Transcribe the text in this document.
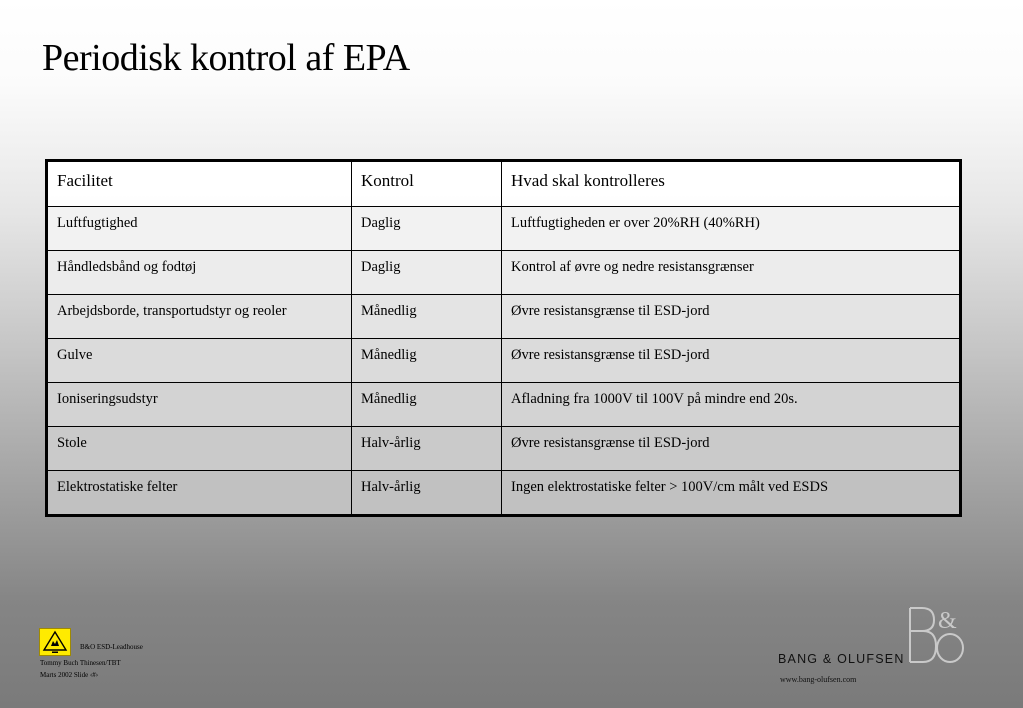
Periodisk kontrol af EPA
Facilitet	Kontrol	Hvad skal kontrolleres
Luftfugtighed	Daglig	Luftfugtigheden er over 20%RH (40%RH)
Håndledsbånd og fodtøj	Daglig	Kontrol af øvre og nedre resistansgrænser
Arbejdsborde, transportudstyr og reoler	Månedlig	Øvre resistansgrænse til ESD-jord
Gulve	Månedlig	Øvre resistansgrænse til ESD-jord
Ioniseringsudstyr	Månedlig	Afladning fra 1000V til 100V på mindre end 20s.
Stole	Halv-årlig	Øvre resistansgrænse til ESD-jord
Elektrostatiske felter	Halv-årlig	Ingen elektrostatiske felter > 100V/cm målt ved ESDS
B&O ESD-Leadhouse
Tommy Buch Thinesen/TBT
Marts 2002 Slide ‹#›
BANG & OLUFSEN
www.bang-olufsen.com
&
